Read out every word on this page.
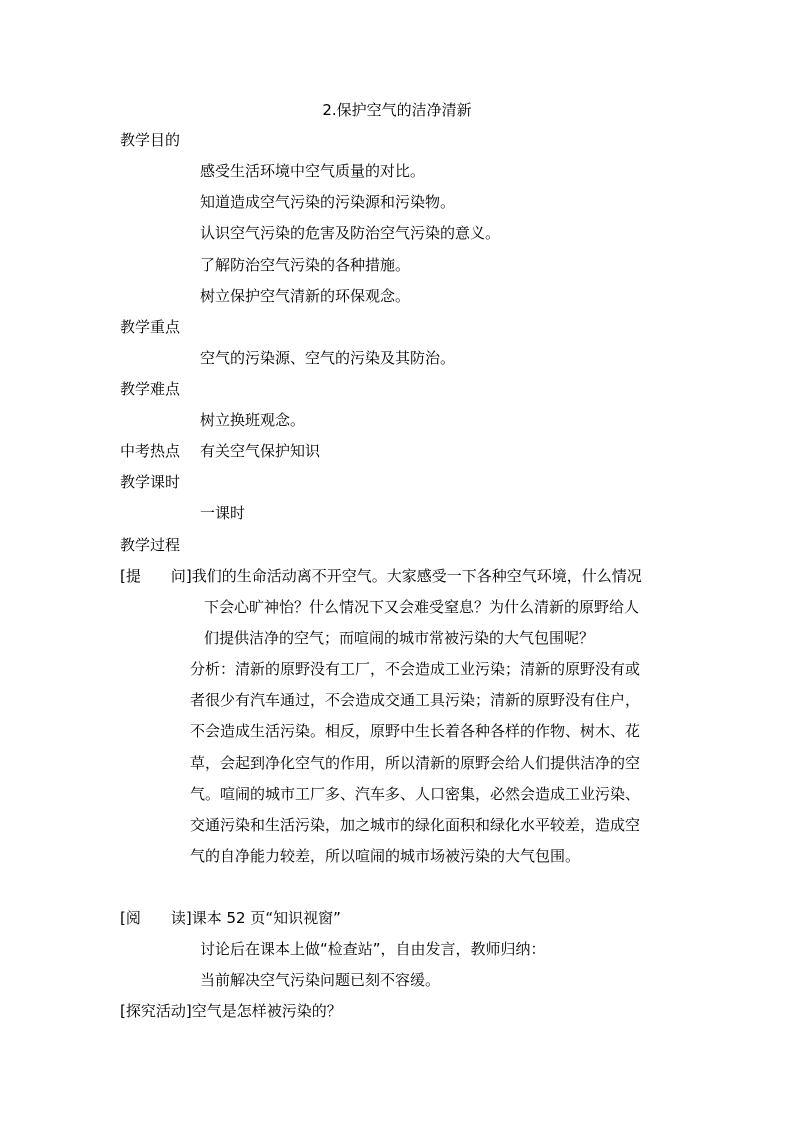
2.保护空气的洁净清新
教学目的
感受生活环境中空气质量的对比。
知道造成空气污染的污染源和污染物。
认识空气污染的危害及防治空气污染的意义。
了解防治空气污染的各种措施。
树立保护空气清新的环保观念。
教学重点
空气的污染源、空气的污染及其防治。
教学难点
树立换班观念。
中考热点 有关空气保护知识
教学课时
一课时
教学过程
[提 问]我们的生命活动离不开空气。大家感受一下各种空气环境，什么情况
下会心旷神怡？什么情况下又会难受窒息？为什么清新的原野给人
们提供洁净的空气；而喧闹的城市常被污染的大气包围呢？
分析：清新的原野没有工厂，不会造成工业污染；清新的原野没有或
者很少有汽车通过，不会造成交通工具污染；清新的原野没有住户，
不会造成生活污染。相反，原野中生长着各种各样的作物、树木、花
草，会起到净化空气的作用，所以清新的原野会给人们提供洁净的空
气。喧闹的城市工厂多、汽车多、人口密集，必然会造成工业污染、
交通污染和生活污染，加之城市的绿化面积和绿化水平较差，造成空
气的自净能力较差，所以喧闹的城市场被污染的大气包围。
[阅 读]课本 52 页“知识视窗”
讨论后在课本上做“检查站”，自由发言，教师归纳：
当前解决空气污染问题已刻不容缓。
[探究活动]空气是怎样被污染的？
